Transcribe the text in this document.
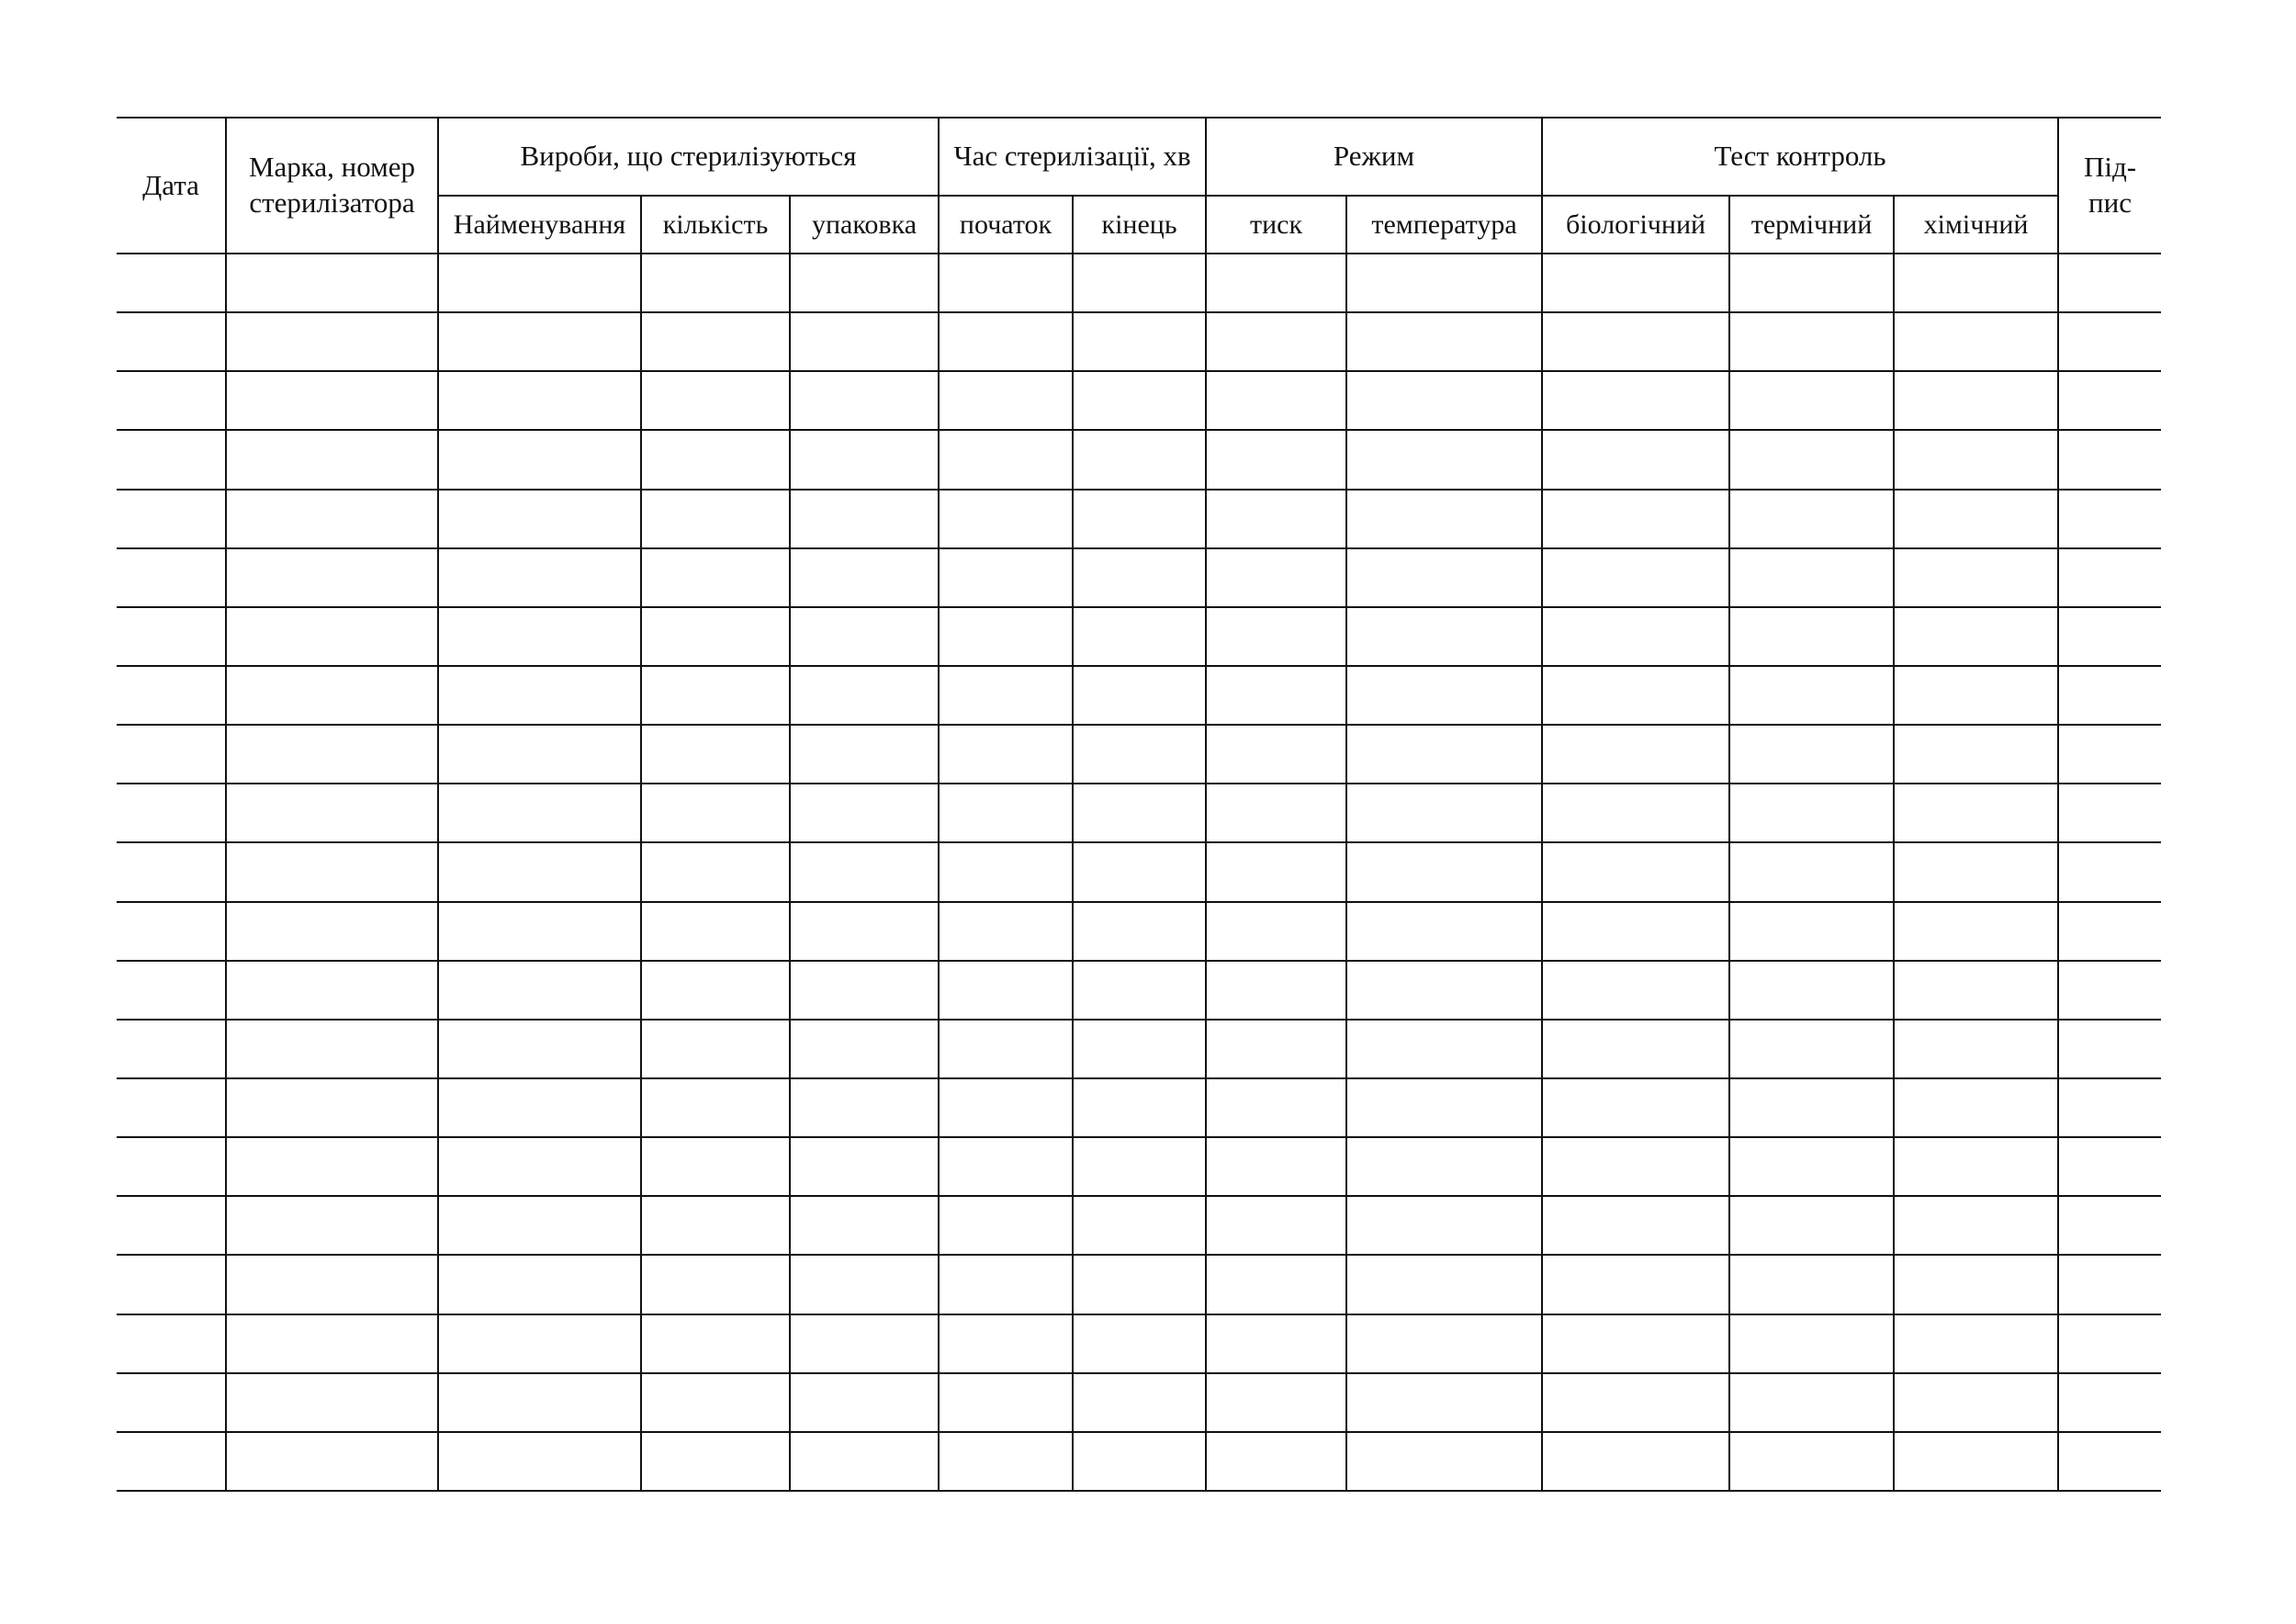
Дата	Марка, номер стерилізатора	Вироби, що стерилізуються			Час стерилізації, хв		Режим		Тест контроль			Під- пис
		Найменування	кількість	упаковка	початок	кінець	тиск	температура	біологічний	термічний	хімічний	
